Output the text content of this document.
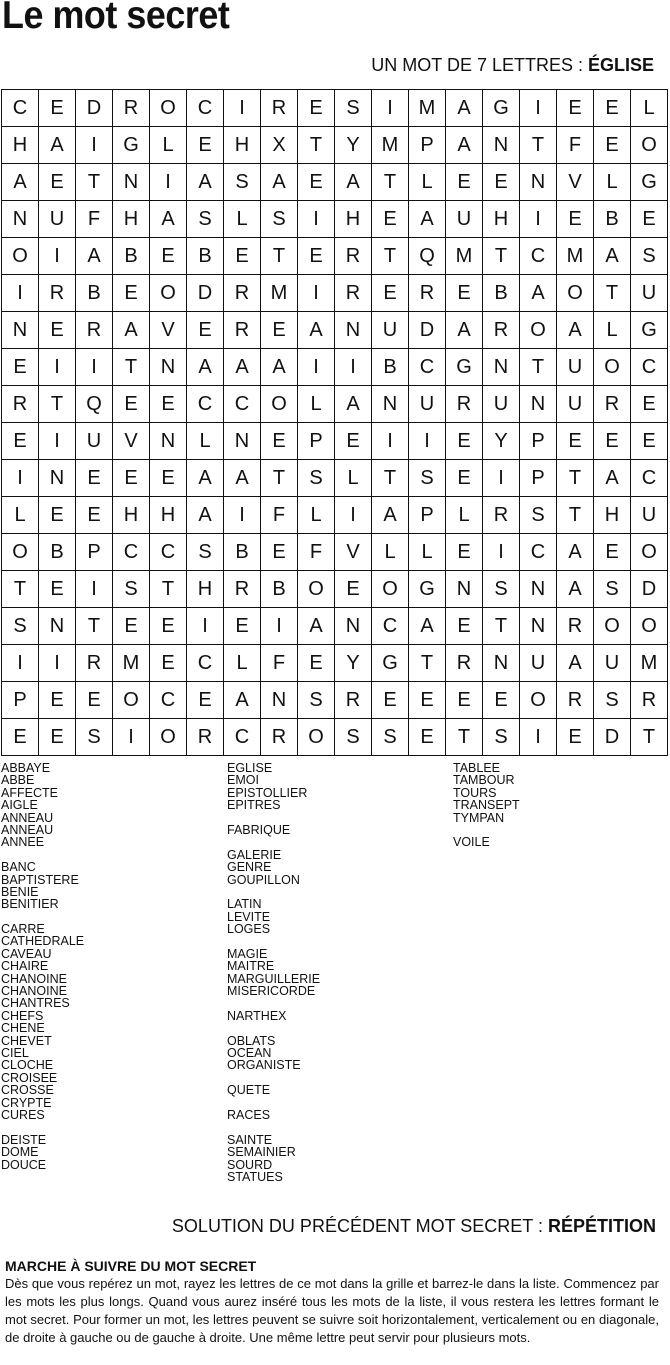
Le mot secret
UN MOT DE 7 LETTRES : ÉGLISE
C	E	D	R	O	C	I	R	E	S	I	M	A	G	I	E	E	L
H	A	I	G	L	E	H	X	T	Y	M	P	A	N	T	F	E	O
A	E	T	N	I	A	S	A	E	A	T	L	E	E	N	V	L	G
N	U	F	H	A	S	L	S	I	H	E	A	U	H	I	E	B	E
O	I	A	B	E	B	E	T	E	R	T	Q	M	T	C	M	A	S
I	R	B	E	O	D	R	M	I	R	E	R	E	B	A	O	T	U
N	E	R	A	V	E	R	E	A	N	U	D	A	R	O	A	L	G
E	I	I	T	N	A	A	A	I	I	B	C	G	N	T	U	O	C
R	T	Q	E	E	C	C	O	L	A	N	U	R	U	N	U	R	E
E	I	U	V	N	L	N	E	P	E	I	I	E	Y	P	E	E	E
I	N	E	E	E	A	A	T	S	L	T	S	E	I	P	T	A	C
L	E	E	H	H	A	I	F	L	I	A	P	L	R	S	T	H	U
O	B	P	C	C	S	B	E	F	V	L	L	E	I	C	A	E	O
T	E	I	S	T	H	R	B	O	E	O	G	N	S	N	A	S	D
S	N	T	E	E	I	E	I	A	N	C	A	E	T	N	R	O	O
I	I	R	M	E	C	L	F	E	Y	G	T	R	N	U	A	U	M
P	E	E	O	C	E	A	N	S	R	E	E	E	E	O	R	S	R
E	E	S	I	O	R	C	R	O	S	S	E	T	S	I	E	D	T
ABBAYE
ABBE
AFFECTE
AIGLE
ANNEAU
ANNEAU
ANNEE
BANC
BAPTISTERE
BENIE
BENITIER
CARRE
CATHEDRALE
CAVEAU
CHAIRE
CHANOINE
CHANOINE
CHANTRES
CHEFS
CHENE
CHEVET
CIEL
CLOCHE
CROISEE
CROSSE
CRYPTE
CURES
DEISTE
DOME
DOUCE
EGLISE
EMOI
EPISTOLLIER
EPITRES
FABRIQUE
GALERIE
GENRE
GOUPILLON
LATIN
LEVITE
LOGES
MAGIE
MAITRE
MARGUILLERIE
MISERICORDE
NARTHEX
OBLATS
OCEAN
ORGANISTE
QUETE
RACES
SAINTE
SEMAINIER
SOURD
STATUES
TABLEE
TAMBOUR
TOURS
TRANSEPT
TYMPAN
VOILE
SOLUTION DU PRÉCÉDENT MOT SECRET : RÉPÉTITION
MARCHE À SUIVRE DU MOT SECRET
Dès que vous repérez un mot, rayez les lettres de ce mot dans la grille et barrez-le dans la liste. Commencez par les mots les plus longs. Quand vous aurez inséré tous les mots de la liste, il vous restera les lettres formant le mot secret. Pour former un mot, les lettres peuvent se suivre soit horizontalement, verticalement ou en diagonale, de droite à gauche ou de gauche à droite. Une même lettre peut servir pour plusieurs mots.
